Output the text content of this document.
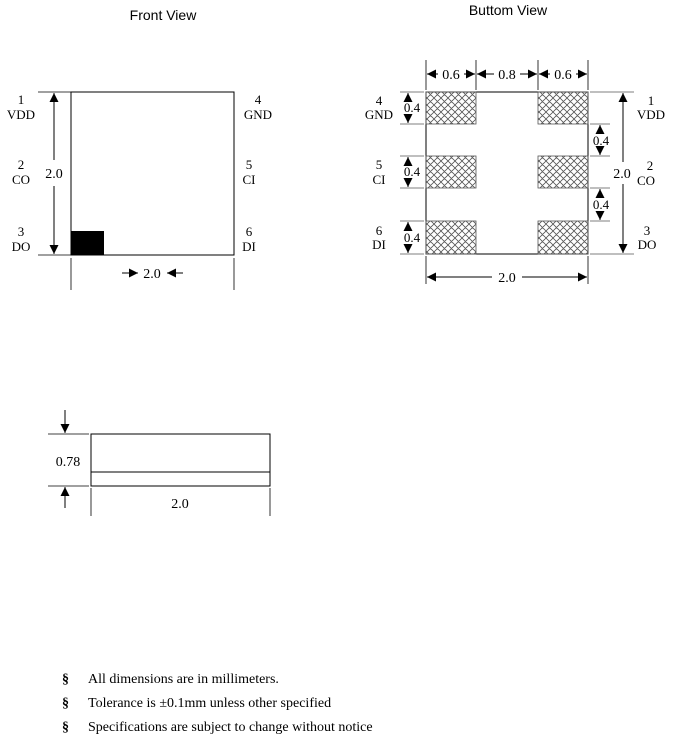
Front View
2.0
2.0
1
VDD
2
CO
3
DO
4
GND
5
CI
6
DI
Buttom View
0.6	0.8	0.6
0.4
0.4
0.4
0.4
0.4
2.0
2.0
4
GND
5
CI
6
DI
1
VDD
2
CO
3
DO
0.78
2.0
§ All dimensions are in millimeters.
§ Tolerance is ±0.1mm unless other specified
§ Specifications are subject to change without notice
